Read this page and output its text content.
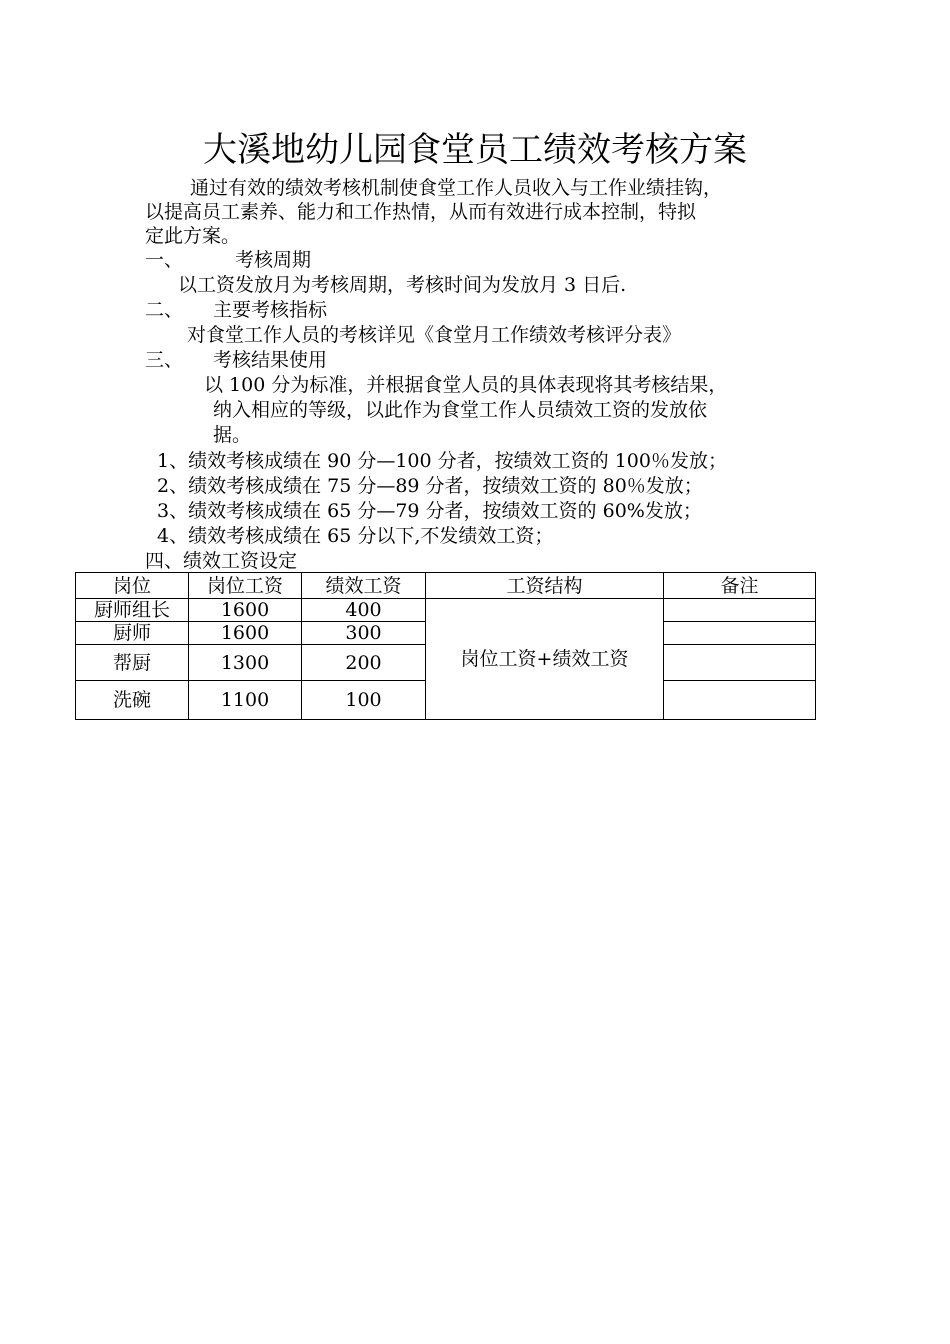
大溪地幼儿园食堂员工绩效考核方案
通过有效的绩效考核机制使食堂工作人员收入与工作业绩挂钩，
以提高员工素养、能力和工作热情，从而有效进行成本控制，特拟
定此方案。
一、	考核周期
以工资发放月为考核周期，考核时间为发放月 3 日后.
二、 主要考核指标
对食堂工作人员的考核详见《食堂月工作绩效考核评分表》
三、 考核结果使用
以 100 分为标准，并根据食堂人员的具体表现将其考核结果，
纳入相应的等级，以此作为食堂工作人员绩效工资的发放依
据。
1、绩效考核成绩在 90 分—100 分者，按绩效工资的 100％发放；
2、绩效考核成绩在 75 分—89 分者，按绩效工资的 80％发放；
3、绩效考核成绩在 65 分—79 分者，按绩效工资的 60%发放；
4、绩效考核成绩在 65 分以下,不发绩效工资；
四、绩效工资设定
岗位	岗位工资	绩效工资	工资结构	备注
厨师组长	1600	400	岗位工资+绩效工资	
厨师	1600	300		
帮厨	1300	200		
洗碗	1100	100		
